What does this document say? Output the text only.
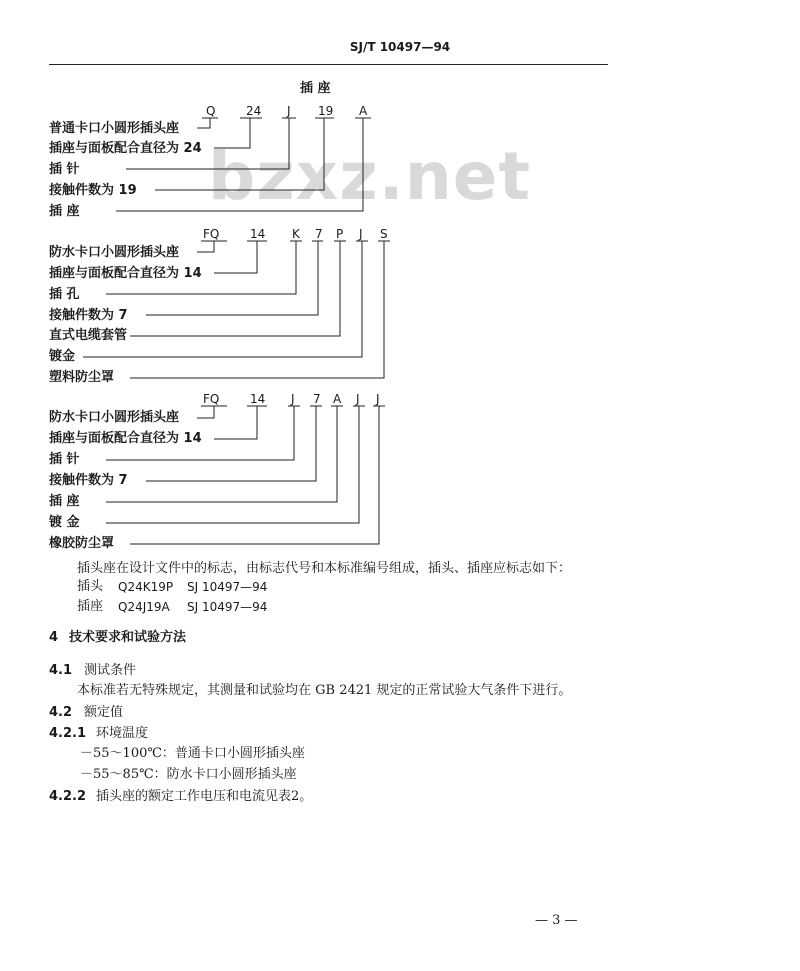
SJ/T 10497—94
bzxz.net
插 座
Q	24 J 19 A
普通卡口小圆形插头座
插座与面板配合直径为 24
插 针
接触件数为 19
插 座
FQ	14 K 7 P J S
防水卡口小圆形插头座
插座与面板配合直径为 14
插 孔
接触件数为 7
直式电缆套管
镀金
塑料防尘罩
FQ	14 J 7 A J J
防水卡口小圆形插头座
插座与面板配合直径为 14
插 针
接触件数为 7
插 座
镀 金
橡胶防尘罩
插头座在设计文件中的标志，由标志代号和本标准编号组成，插头、插座应标志如下：
插头 Q24K19P SJ 10497—94
插座 Q24J19A SJ 10497—94
4 技术要求和试验方法
4.1 测试条件
本标准若无特殊规定，其测量和试验均在 GB 2421 规定的正常试验大气条件下进行。
4.2 额定值
4.2.1 环境温度
－55～100℃：普通卡口小圆形插头座
－55～85℃：防水卡口小圆形插头座
4.2.2 插头座的额定工作电压和电流见表2。
— 3 —
